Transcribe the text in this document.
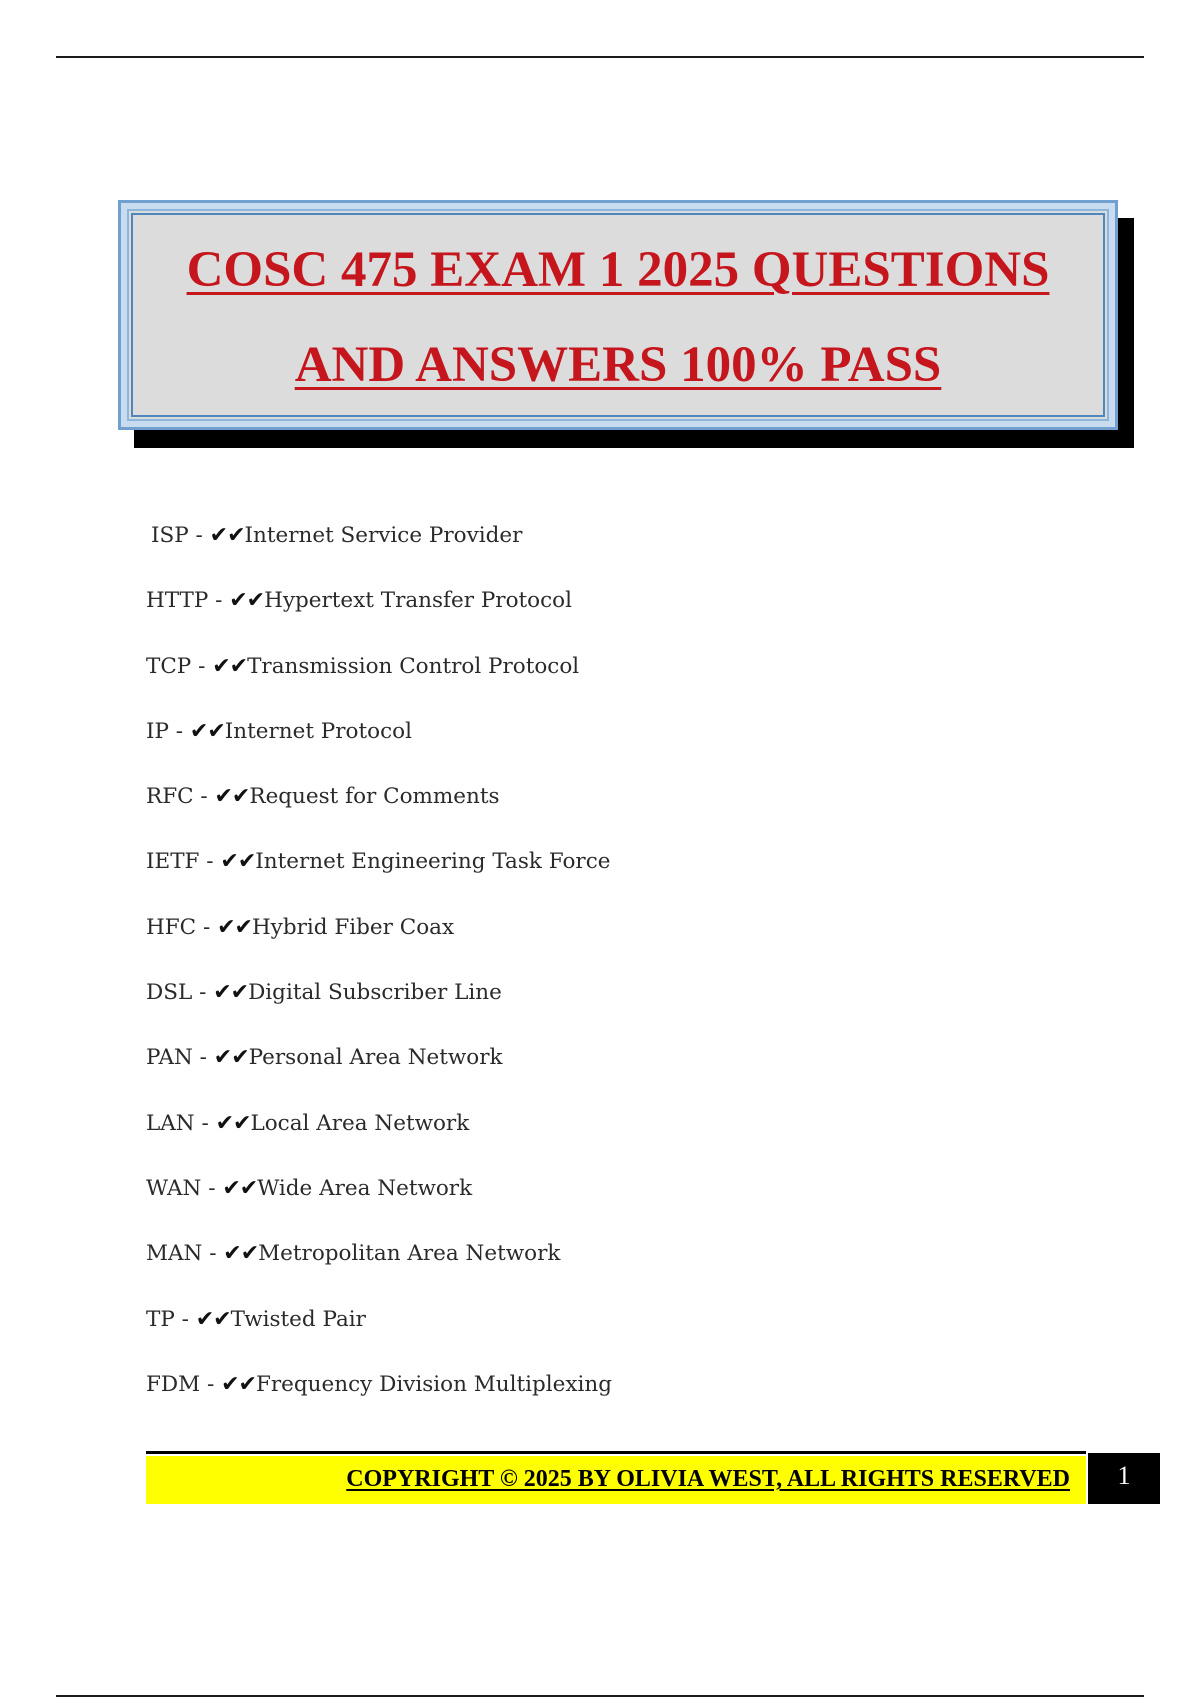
COSC 475 EXAM 1 2025 QUESTIONS
AND ANSWERS 100% PASS
ISP - ✔✔Internet Service Provider
HTTP - ✔✔Hypertext Transfer Protocol
TCP - ✔✔Transmission Control Protocol
IP - ✔✔Internet Protocol
RFC - ✔✔Request for Comments
IETF - ✔✔Internet Engineering Task Force
HFC - ✔✔Hybrid Fiber Coax
DSL - ✔✔Digital Subscriber Line
PAN - ✔✔Personal Area Network
LAN - ✔✔Local Area Network
WAN - ✔✔Wide Area Network
MAN - ✔✔Metropolitan Area Network
TP - ✔✔Twisted Pair
FDM - ✔✔Frequency Division Multiplexing
COPYRIGHT © 2025 BY OLIVIA WEST, ALL RIGHTS RESERVED	1
